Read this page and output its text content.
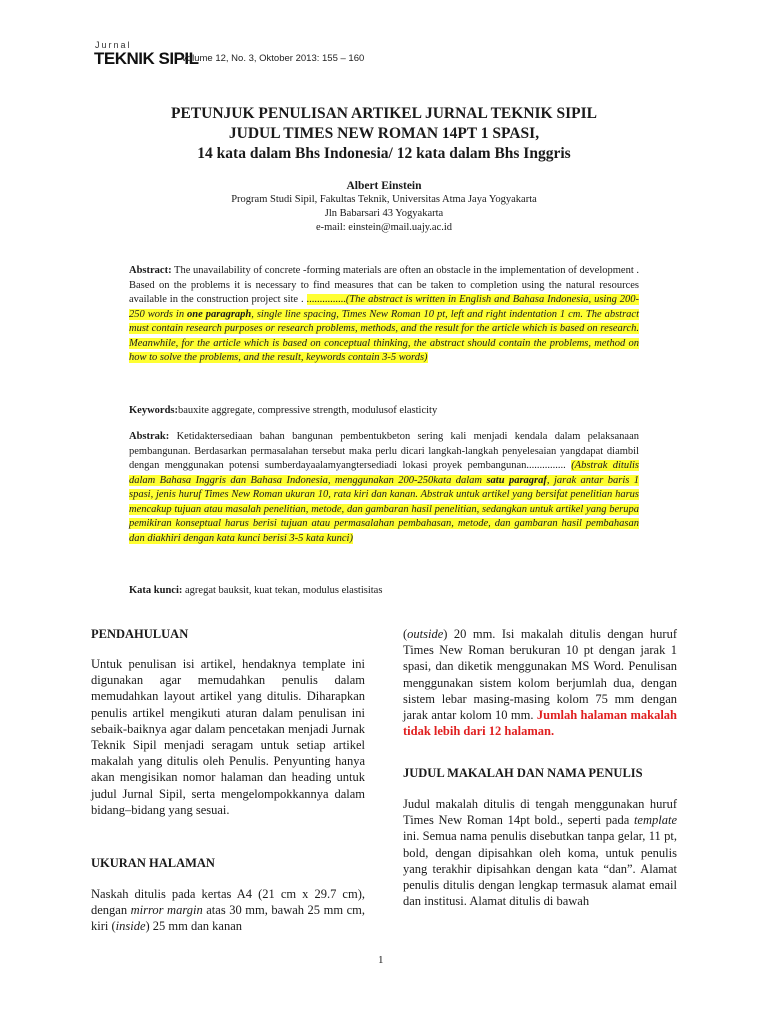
Jurnal
TEKNIK SIPIL
Volume 12, No. 3, Oktober 2013: 155 – 160
PETUNJUK PENULISAN ARTIKEL JURNAL TEKNIK SIPIL
JUDUL TIMES NEW ROMAN 14PT 1 SPASI,
14 kata dalam Bhs Indonesia/ 12 kata dalam Bhs Inggris
Albert Einstein
Program Studi Sipil, Fakultas Teknik, Universitas Atma Jaya Yogyakarta
Jln Babarsari 43 Yogyakarta
e-mail: einstein@mail.uajy.ac.id
Abstract: The unavailability of concrete -forming materials are often an obstacle in the implementation of development . Based on the problems it is necessary to find measures that can be taken to completion using the natural resources available in the construction project site . ...............(The abstract is written in English and Bahasa Indonesia, using 200-250 words in one paragraph, single line spacing, Times New Roman 10 pt, left and right indentation 1 cm. The abstract must contain research purposes or research problems, methods, and the result for the article which is based on research. Meanwhile, for the article which is based on conceptual thinking, the abstract should contain the problems, method on how to solve the problems, and the result, keywords contain 3-5 words)
Keywords:bauxite aggregate, compressive strength, modulusof elasticity
Abstrak: Ketidaktersediaan bahan bangunan pembentukbeton sering kali menjadi kendala dalam pelaksanaan pembangunan. Berdasarkan permasalahan tersebut maka perlu dicari langkah-langkah penyelesaian yangdapat diambil dengan menggunakan potensi sumberdayaalamyangtersediadi lokasi proyek pembangunan............... (Abstrak ditulis dalam Bahasa Inggris dan Bahasa Indonesia, menggunakan 200-250kata dalam satu paragraf, jarak antar baris 1 spasi, jenis huruf Times New Roman ukuran 10, rata kiri dan kanan. Abstrak untuk artikel yang bersifat penelitian harus mencakup tujuan atau masalah penelitian, metode, dan gambaran hasil penelitian, sedangkan untuk artikel yang berupa pemikiran konseptual harus berisi tujuan atau permasalahan pembahasan, metode, dan gambaran hasil pembahasan dan diakhiri dengan kata kunci berisi 3-5 kata kunci)
Kata kunci: agregat bauksit, kuat tekan, modulus elastisitas
PENDAHULUAN
Untuk penulisan isi artikel, hendaknya template ini digunakan agar memudahkan penulis dalam memudahkan layout artikel yang ditulis. Diharapkan penulis artikel mengikuti aturan dalam penulisan ini sebaik-baiknya agar dalam pencetakan menjadi Jurnak Teknik Sipil menjadi seragam untuk setiap artikel makalah yang ditulis oleh Penulis. Penyunting hanya akan mengisikan nomor halaman dan heading untuk judul Jurnal Sipil, serta mengelompokkannya dalam bidang–bidang yang sesuai.
UKURAN HALAMAN
Naskah ditulis pada kertas A4 (21 cm x 29.7 cm), dengan mirror margin atas 30 mm, bawah 25 mm cm, kiri (inside) 25 mm dan kanan
(outside) 20 mm. Isi makalah ditulis dengan huruf Times New Roman berukuran 10 pt dengan jarak 1 spasi, dan diketik menggunakan MS Word. Penulisan menggunakan sistem kolom berjumlah dua, dengan sistem lebar masing-masing kolom 75 mm dengan jarak antar kolom 10 mm. Jumlah halaman makalah tidak lebih dari 12 halaman.
JUDUL MAKALAH DAN NAMA PENULIS
Judul makalah ditulis di tengah menggunakan huruf Times New Roman 14pt bold., seperti pada template ini. Semua nama penulis disebutkan tanpa gelar, 11 pt, bold, dengan dipisahkan oleh koma, untuk penulis yang terakhir dipisahkan dengan kata “dan”. Alamat penulis ditulis dengan lengkap termasuk alamat email dan institusi. Alamat ditulis di bawah
1
